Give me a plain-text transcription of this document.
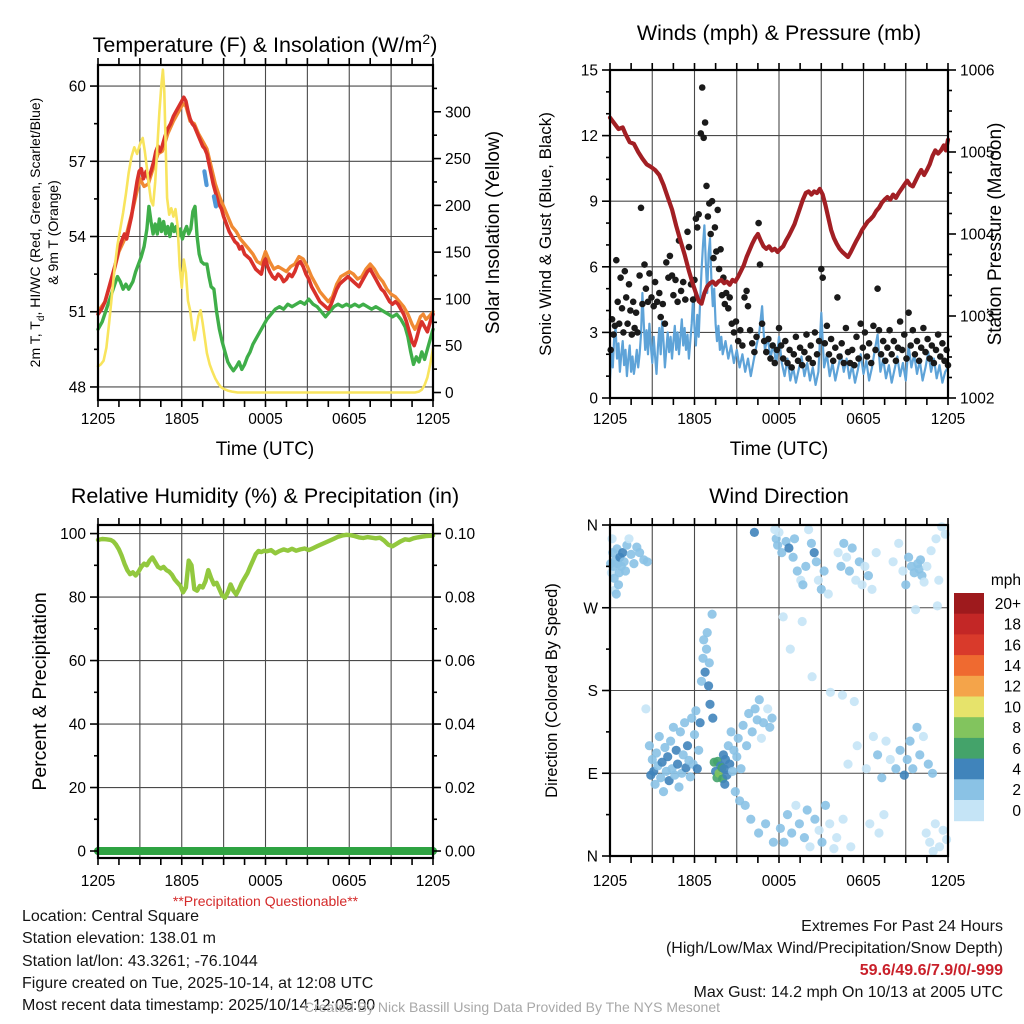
1205	1805	0005	0605	1205
Time (UTC)
48
51
54
57
60
0
50
100
150
200
250
300
2m T, $T_d$, HI/WC (Red, Green, Scarlet/Blue) & 9m T (Orange)	Solar Insolation (Yellow)
Temperature (F) & Insolation $(W/m^2)$
1205	1805	0005	0605	1205
Time (UTC)
0
3
6
9
12
15
1002
1003
1004
1005
1006
Sonic Wind & Gust (Blue, Black)	Station Pressure (Maroon)
Winds (mph) & Pressure (mb)
1205	1805	0005	0605	1205
0
20
40
60
80
100
0.00
0.02
0.04
0.06
0.08
0.10
Percent & Precipitation
Relative Humidity (%) & Precipitation (in)
1205	1805	0005	0605	1205
N
E
S
W
N
Direction (Colored By Speed)
Wind Direction
mph
20+
18
16
14
12
10
8
6
4
2
0
**Precipitation Questionable**
Location: Central Square
Station elevation: 138.01 m
Station lat/lon: 43.3261; -76.1044
Figure created on Tue, 2025-10-14, at 12:08 UTC
Most recent data timestamp: 2025/10/14 12:05:00
Extremes For Past 24 Hours
(High/Low/Max Wind/Precipitation/Snow Depth)
59.6/49.6/7.9/0/-999
Max Gust: 14.2 mph On 10/13 at 2005 UTC
Created By Nick Bassill Using Data Provided By The NYS Mesonet
